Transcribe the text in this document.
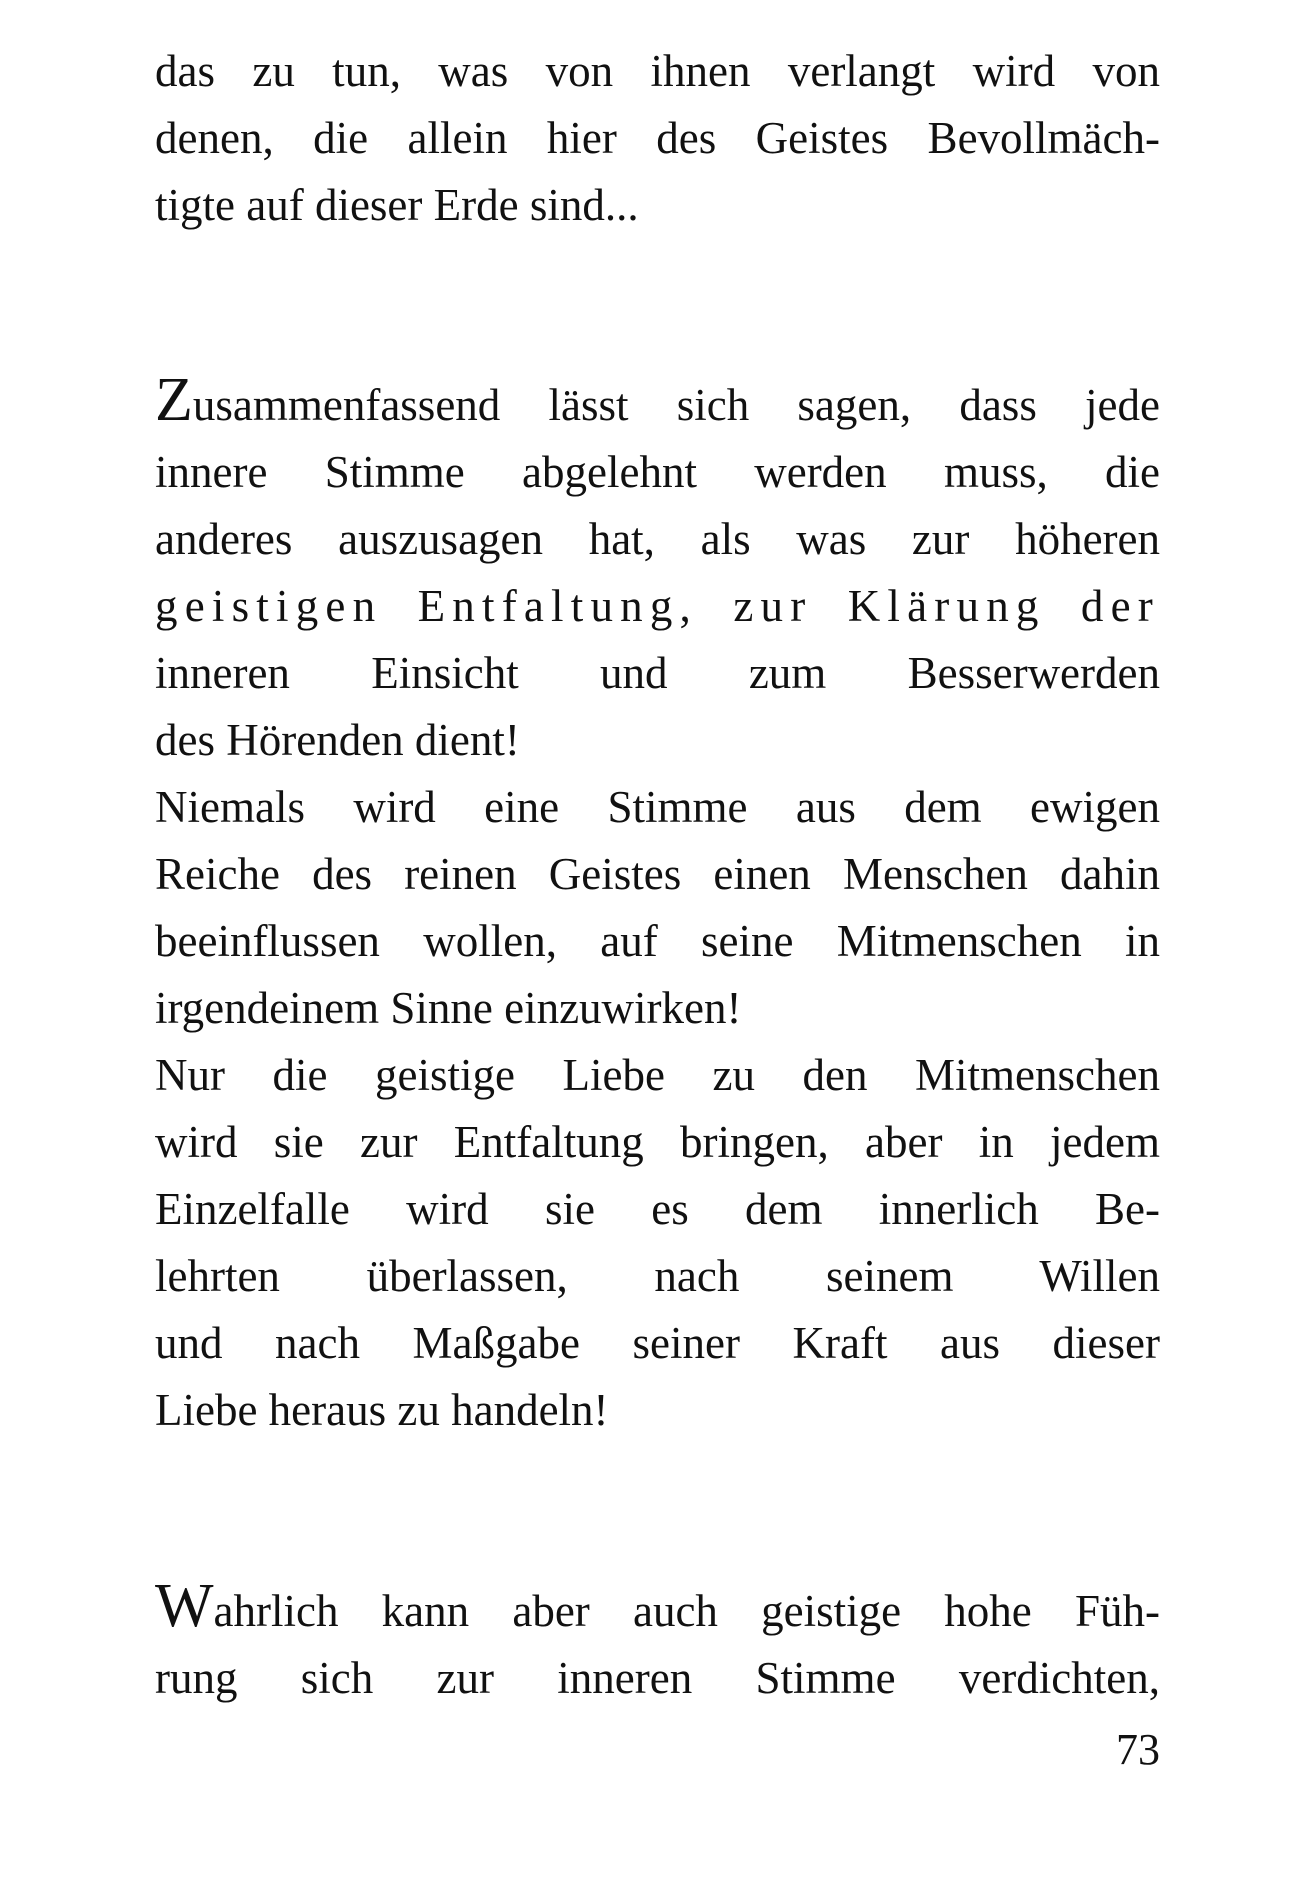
das zu tun, was von ihnen verlangt wird von
denen, die allein hier des Geistes Bevollmäch-
tigte auf dieser Erde sind...
Zusammenfassend lässt sich sagen, dass jede
innere Stimme abgelehnt werden muss, die
anderes auszusagen hat, als was zur höheren
geistigen Entfaltung, zur Klärung der
inneren Einsicht und zum Besserwerden
des Hörenden dient!
Niemals wird eine Stimme aus dem ewigen
Reiche des reinen Geistes einen Menschen dahin
beeinflussen wollen, auf seine Mitmenschen in
irgendeinem Sinne einzuwirken!
Nur die geistige Liebe zu den Mitmenschen
wird sie zur Entfaltung bringen, aber in jedem
Einzelfalle wird sie es dem innerlich Be-
lehrten überlassen, nach seinem Willen
und nach Maßgabe seiner Kraft aus dieser
Liebe heraus zu handeln!
Wahrlich kann aber auch geistige hohe Füh-
rung sich zur inneren Stimme verdichten,
73
